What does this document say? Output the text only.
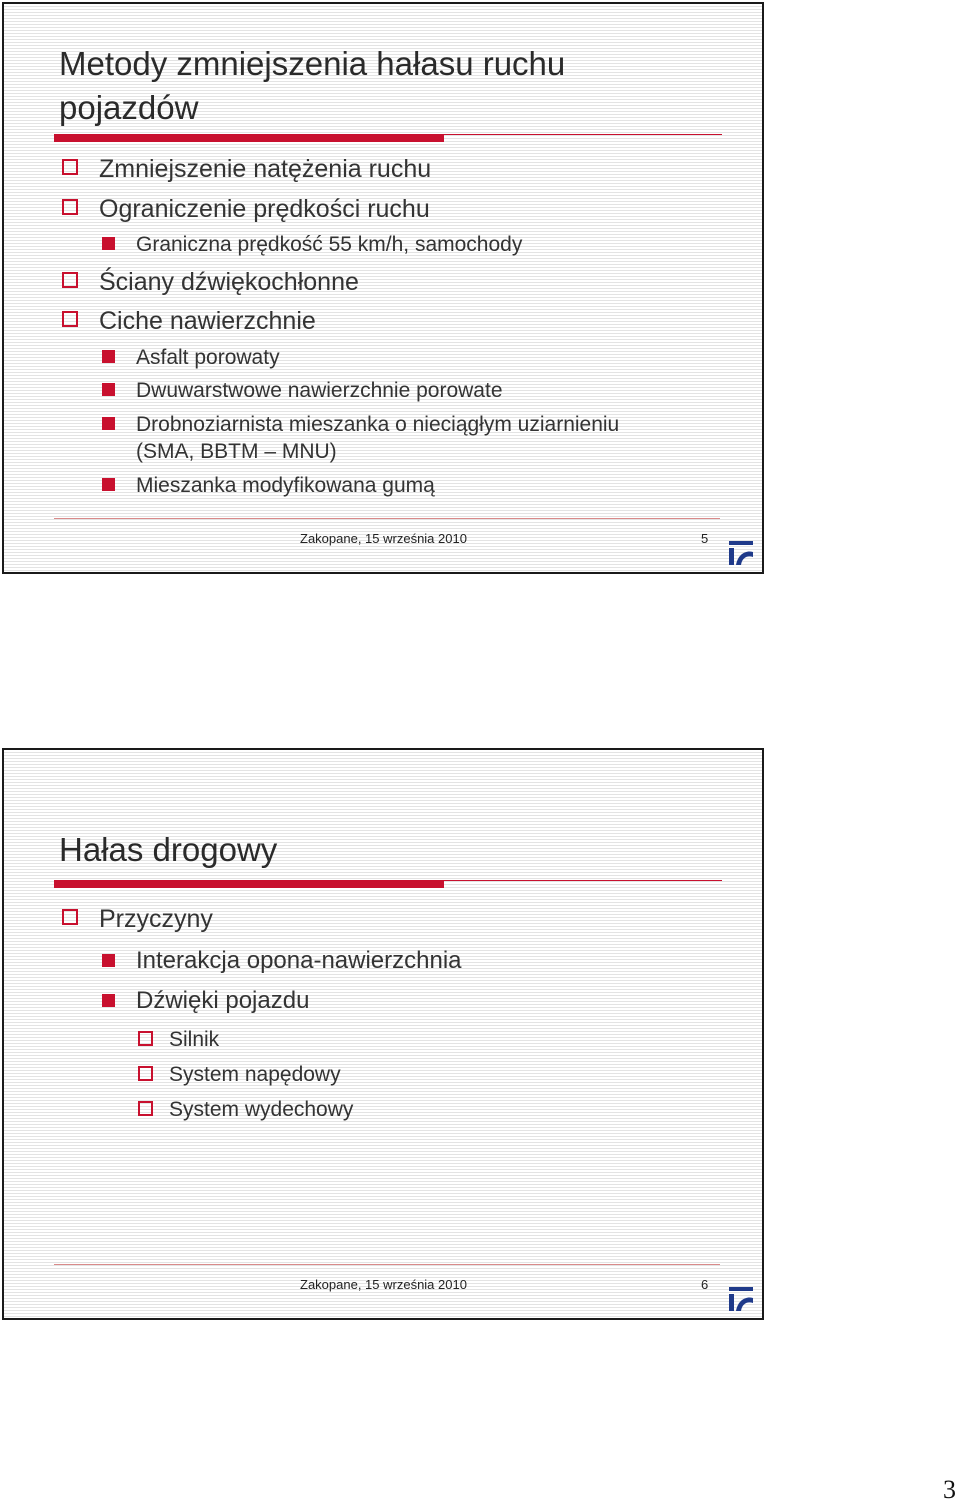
Metody zmniejszenia hałasu ruchu pojazdów
Zmniejszenie natężenia ruchu
Ograniczenie prędkości ruchu
Graniczna prędkość 55 km/h, samochody
Ściany dźwiękochłonne
Ciche nawierzchnie
Asfalt porowaty
Dwuwarstwowe nawierzchnie porowate
Drobnoziarnista mieszanka o nieciągłym uziarnieniu
(SMA, BBTM – MNU)
Mieszanka modyfikowana gumą
Zakopane, 15 września 2010	5
Hałas drogowy
Przyczyny
Interakcja opona-nawierzchnia
Dźwięki pojazdu
Silnik
System napędowy
System wydechowy
Zakopane, 15 września 2010	6
3
